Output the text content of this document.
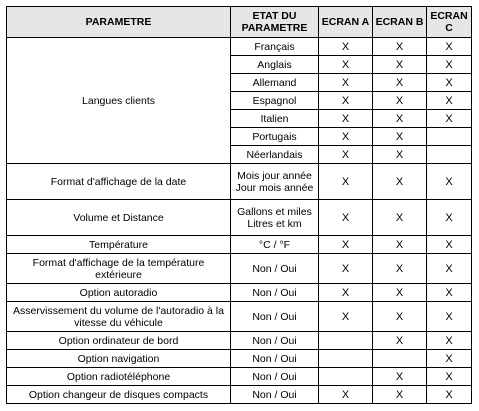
PARAMETRE	ETAT DU PARAMETRE	ECRAN A	ECRAN B	ECRAN C
Langues clients	Français	X	X	X
	Anglais	X	X	X
	Allemand	X	X	X
	Espagnol	X	X	X
	Italien	X	X	X
	Portugais	X	X	
	Néerlandais	X	X	
Format d'affichage de la date	Mois jour année Jour mois année	X	X	X
Volume et Distance	Gallons et miles Litres et km	X	X	X
Température	°C / °F	X	X	X
Format d'affichage de la température extérieure	Non / Oui	X	X	X
Option autoradio	Non / Oui	X	X	X
Asservissement du volume de l'autoradio à la vitesse du véhicule	Non / Oui	X	X	X
Option ordinateur de bord	Non / Oui		X	X
Option navigation	Non / Oui			X
Option radiotéléphone	Non / Oui		X	X
Option changeur de disques compacts	Non / Oui	X	X	X
